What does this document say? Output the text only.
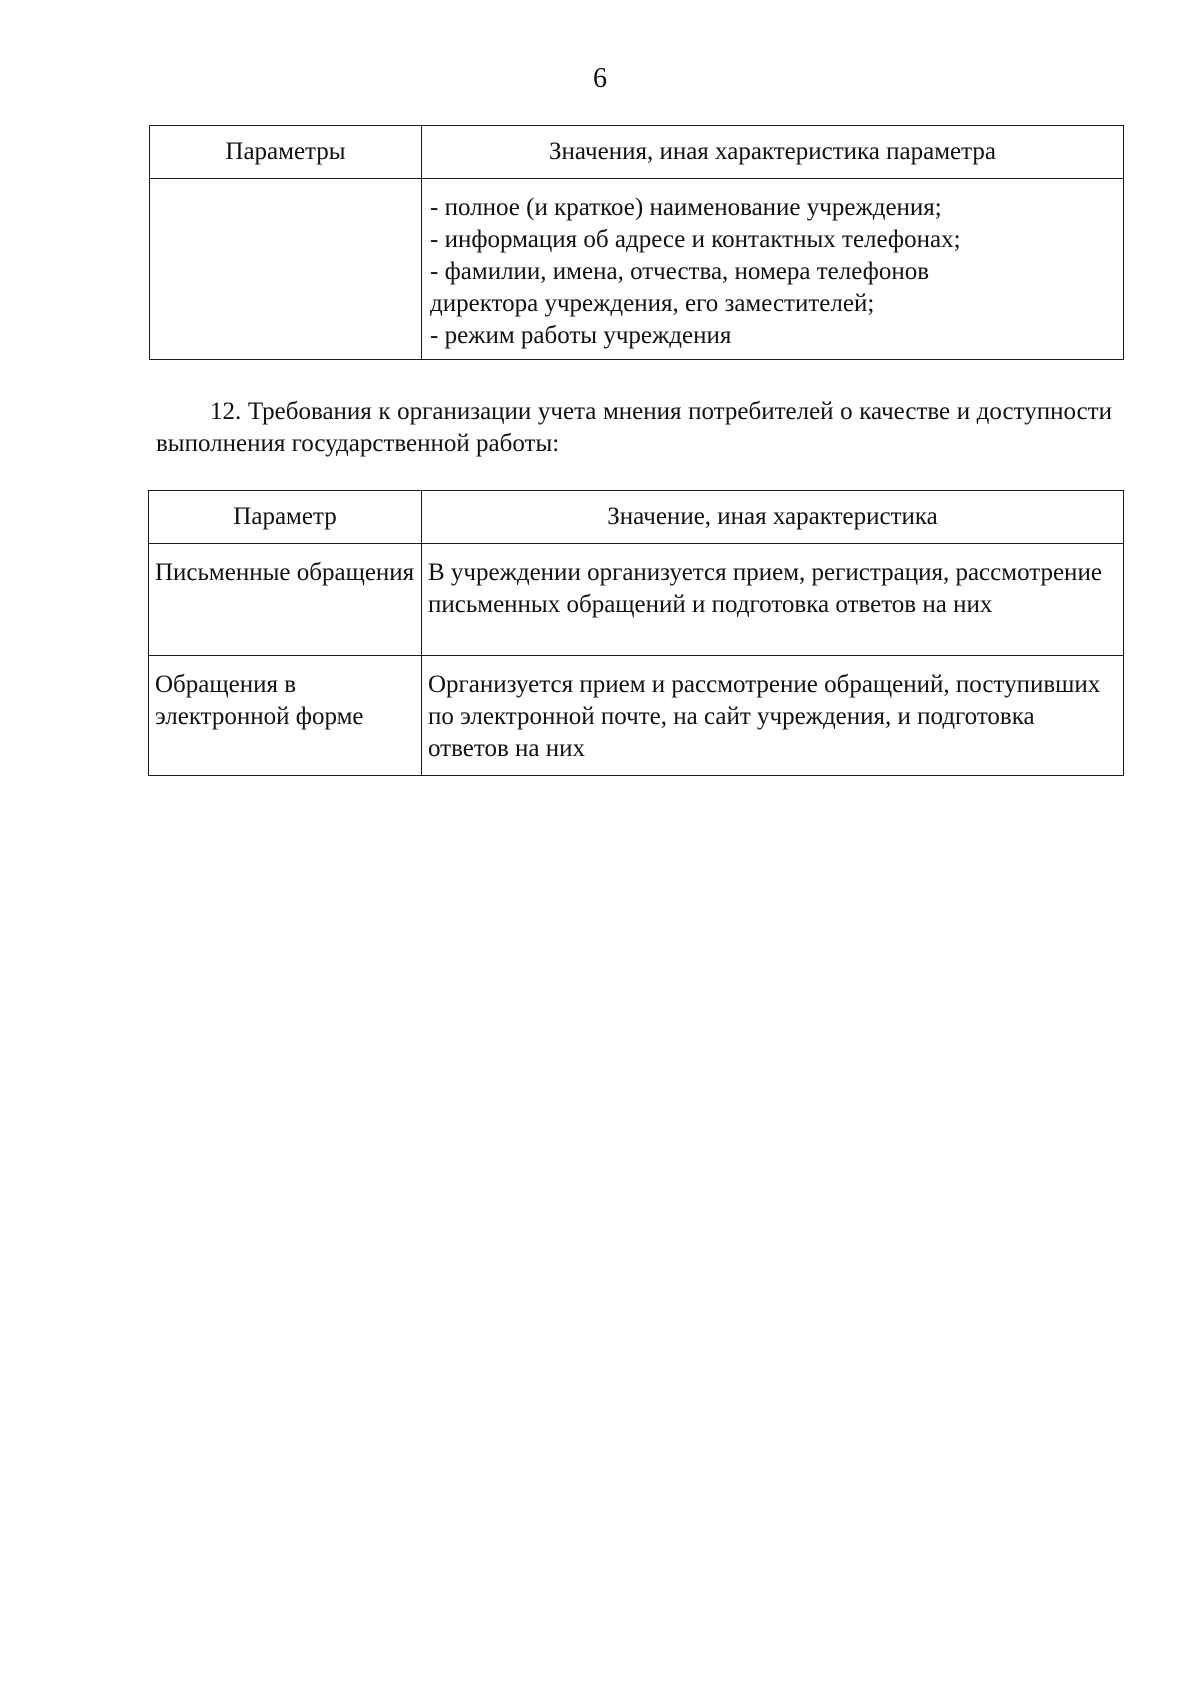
6
Параметры	Значения, иная характеристика параметра

	- полное (и краткое) наименование учреждения;
- информация об адресе и контактных телефонах;
- фамилии, имена, отчества, номера телефонов
директора учреждения, его заместителей;
- режим работы учреждения
12. Требования к организации учета мнения потребителей о качестве и доступности выполнения государственной работы:
Параметр	Значение, иная характеристика
Письменные обращения	В учреждении организуется прием, регистрация, рассмотрение письменных обращений и подготовка ответов на них
Обращения в электронной форме	Организуется прием и рассмотрение обращений, поступивших по электронной почте, на сайт учреждения, и подготовка ответов на них
